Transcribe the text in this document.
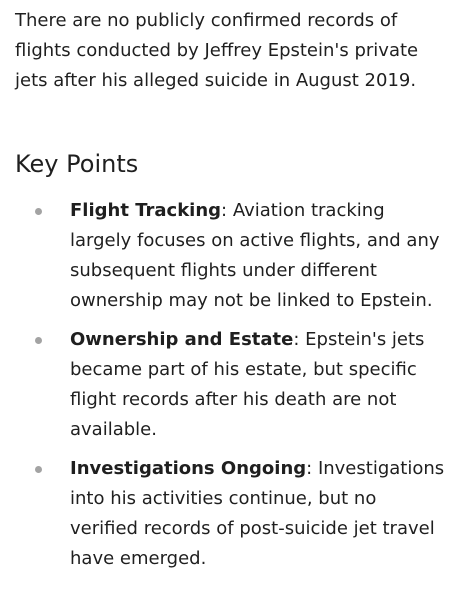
There are no publicly confirmed records of flights conducted by Jeffrey Epstein's private jets after his alleged suicide in August 2019.

Key Points
Flight Tracking: Aviation tracking largely focuses on active flights, and any subsequent flights under different ownership may not be linked to Epstein.
Ownership and Estate: Epstein's jets became part of his estate, but specific flight records after his death are not available.
Investigations Ongoing: Investigations into his activities continue, but no verified records of post-suicide jet travel have emerged.
